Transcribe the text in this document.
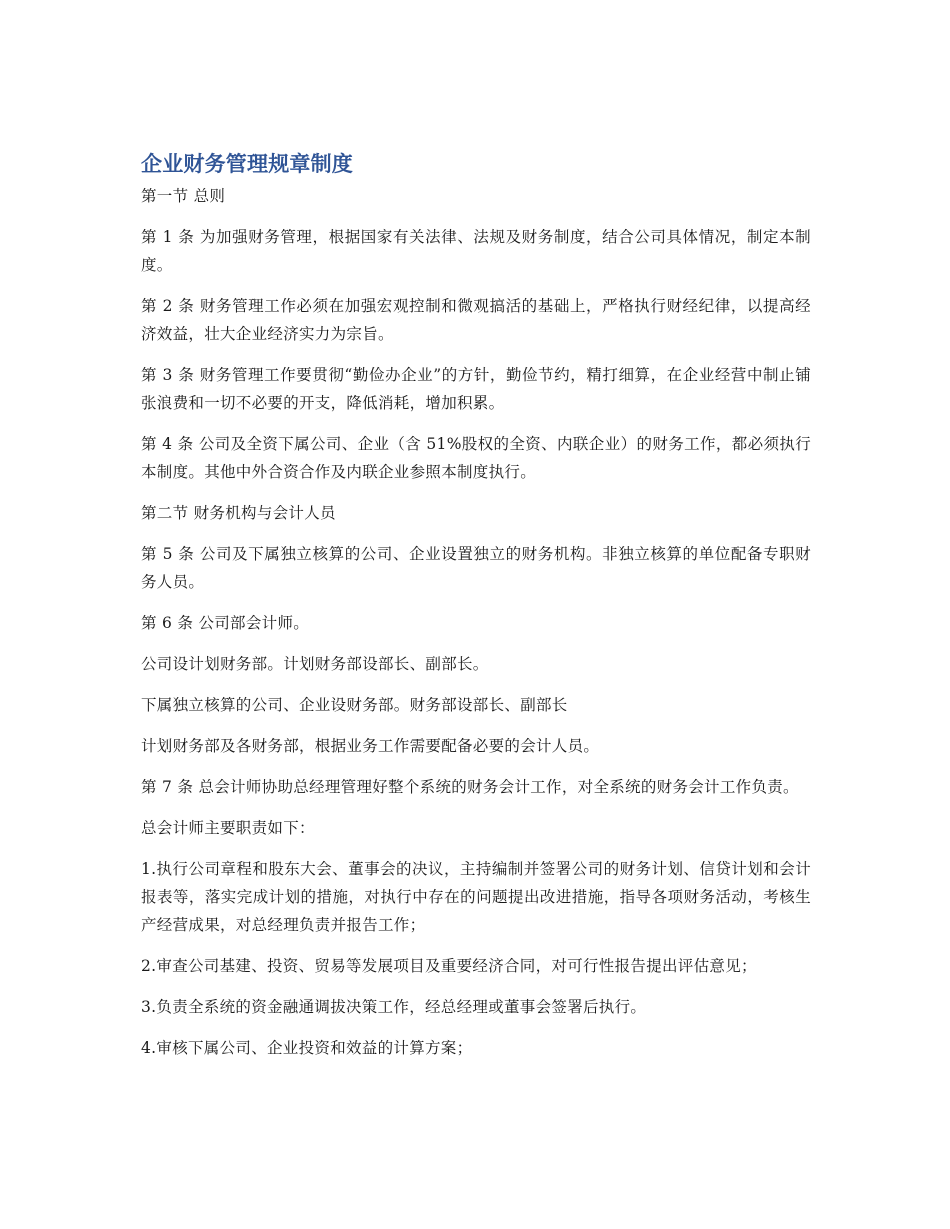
企业财务管理规章制度

第一节 总则

第 1 条 为加强财务管理，根据国家有关法律、法规及财务制度，结合公司具体情况，制定本制度。

第 2 条 财务管理工作必须在加强宏观控制和微观搞活的基础上，严格执行财经纪律，以提高经济效益，壮大企业经济实力为宗旨。

第 3 条 财务管理工作要贯彻“勤俭办企业”的方针，勤俭节约，精打细算，在企业经营中制止铺张浪费和一切不必要的开支，降低消耗，增加积累。

第 4 条 公司及全资下属公司、企业（含 51%股权的全资、内联企业）的财务工作，都必须执行本制度。其他中外合资合作及内联企业参照本制度执行。

第二节 财务机构与会计人员

第 5 条 公司及下属独立核算的公司、企业设置独立的财务机构。非独立核算的单位配备专职财务人员。

第 6 条 公司部会计师。

公司设计划财务部。计划财务部设部长、副部长。

下属独立核算的公司、企业设财务部。财务部设部长、副部长

计划财务部及各财务部，根据业务工作需要配备必要的会计人员。

第 7 条 总会计师协助总经理管理好整个系统的财务会计工作，对全系统的财务会计工作负责。

总会计师主要职责如下：

1.执行公司章程和股东大会、董事会的决议，主持编制并签署公司的财务计划、信贷计划和会计报表等，落实完成计划的措施，对执行中存在的问题提出改进措施，指导各项财务活动，考核生产经营成果，对总经理负责并报告工作；

2.审查公司基建、投资、贸易等发展项目及重要经济合同，对可行性报告提出评估意见；

3.负责全系统的资金融通调拔决策工作，经总经理或董事会签署后执行。

4.审核下属公司、企业投资和效益的计算方案；
